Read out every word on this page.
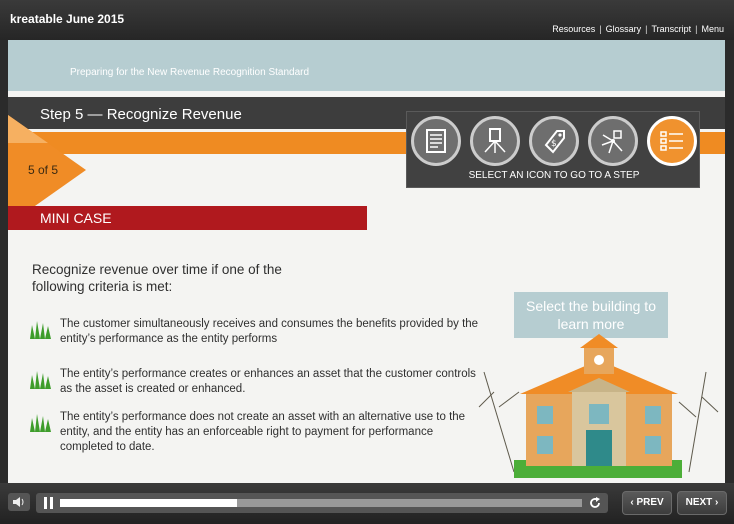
kreatable June 2015
Resources | Glossary | Transcript | Menu
Preparing for the New Revenue Recognition Standard
Step 5 — Recognize Revenue
5 of 5
$
SELECT AN ICON TO GO TO A STEP
MINI CASE
Recognize revenue over time if one of the following criteria is met:
The customer simultaneously receives and consumes the benefits provided by the entity’s performance as the entity performs
The entity’s performance creates or enhances an asset that the customer controls as the asset is created or enhanced.
The entity’s performance does not create an asset with an alternative use to the entity, and the entity has an enforceable right to payment for performance completed to date.
Select the building to learn more
‹ PREV	NEXT ›
